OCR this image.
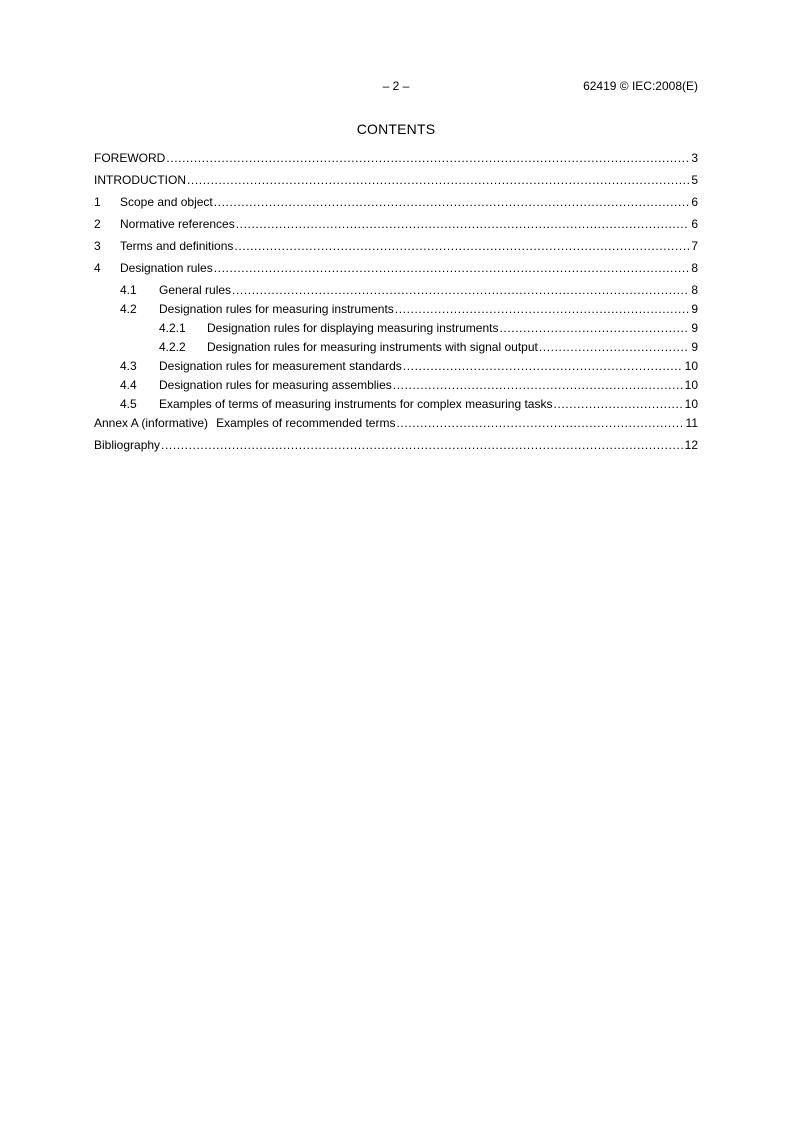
– 2 –	62419 © IEC:2008(E)
CONTENTS
FOREWORD .....	3
INTRODUCTION .....	5
1	Scope and object .....	6
2	Normative references .....	6
3	Terms and definitions .....	7
4	Designation rules .....	8
4.1	General rules .....	8
4.2	Designation rules for measuring instruments .....	9
4.2.1	Designation rules for displaying measuring instruments .....	9
4.2.2	Designation rules for measuring instruments with signal output .....	9
4.3	Designation rules for measurement standards .....	10
4.4	Designation rules for measuring assemblies .....	10
4.5	Examples of terms of measuring instruments for complex measuring tasks .....	10
Annex A (informative) Examples of recommended terms .....	11
Bibliography .....	12
